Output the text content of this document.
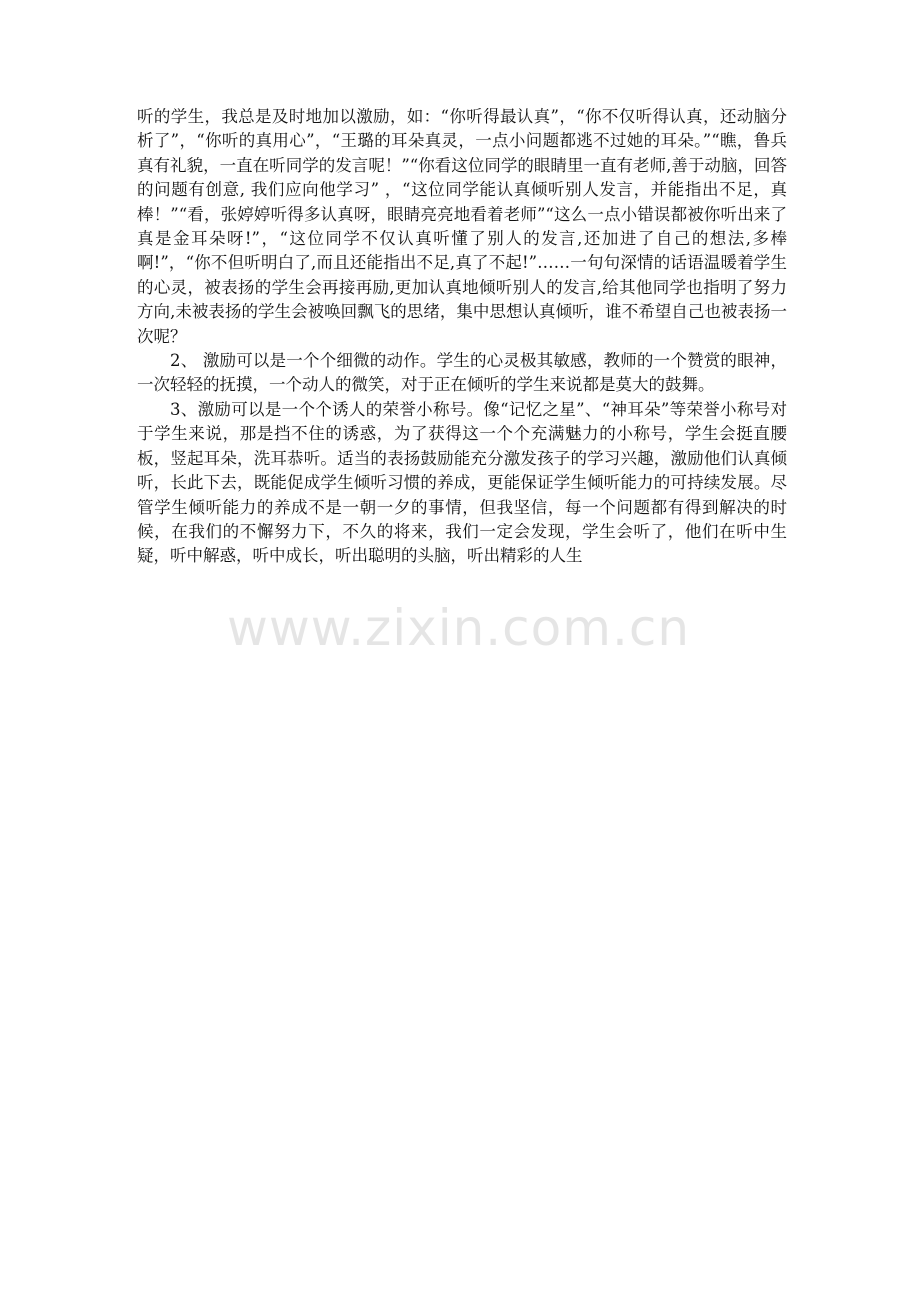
听的学生，我总是及时地加以激励，如：“你听得最认真”，“你不仅听得认真，还动脑分析了”，“你听的真用心”，“王璐的耳朵真灵，一点小问题都逃不过她的耳朵。”“瞧，鲁兵真有礼貌，一直在听同学的发言呢！”“你看这位同学的眼睛里一直有老师,善于动脑，回答的问题有创意, 我们应向他学习” ，“这位同学能认真倾听别人发言，并能指出不足，真棒！”“看，张婷婷听得多认真呀，眼睛亮亮地看着老师”“这么一点小错误都被你听出来了真是金耳朵呀!”，“这位同学不仅认真听懂了别人的发言,还加进了自己的想法,多棒啊!”，“你不但听明白了,而且还能指出不足,真了不起!”……一句句深情的话语温暖着学生的心灵，被表扬的学生会再接再励,更加认真地倾听别人的发言,给其他同学也指明了努力方向,未被表扬的学生会被唤回飘飞的思绪，集中思想认真倾听，谁不希望自己也被表扬一次呢？

2、 激励可以是一个个细微的动作。学生的心灵极其敏感，教师的一个赞赏的眼神，一次轻轻的抚摸，一个动人的微笑，对于正在倾听的学生来说都是莫大的鼓舞。

3、激励可以是一个个诱人的荣誉小称号。像“记忆之星”、“神耳朵”等荣誉小称号对于学生来说，那是挡不住的诱惑，为了获得这一个个充满魅力的小称号，学生会挺直腰板，竖起耳朵，洗耳恭听。适当的表扬鼓励能充分激发孩子的学习兴趣，激励他们认真倾听，长此下去，既能促成学生倾听习惯的养成，更能保证学生倾听能力的可持续发展。尽管学生倾听能力的养成不是一朝一夕的事情，但我坚信，每一个问题都有得到解决的时候，在我们的不懈努力下，不久的将来，我们一定会发现，学生会听了，他们在听中生疑，听中解惑，听中成长，听出聪明的头脑，听出精彩的人生

www.zixin.com.cn
